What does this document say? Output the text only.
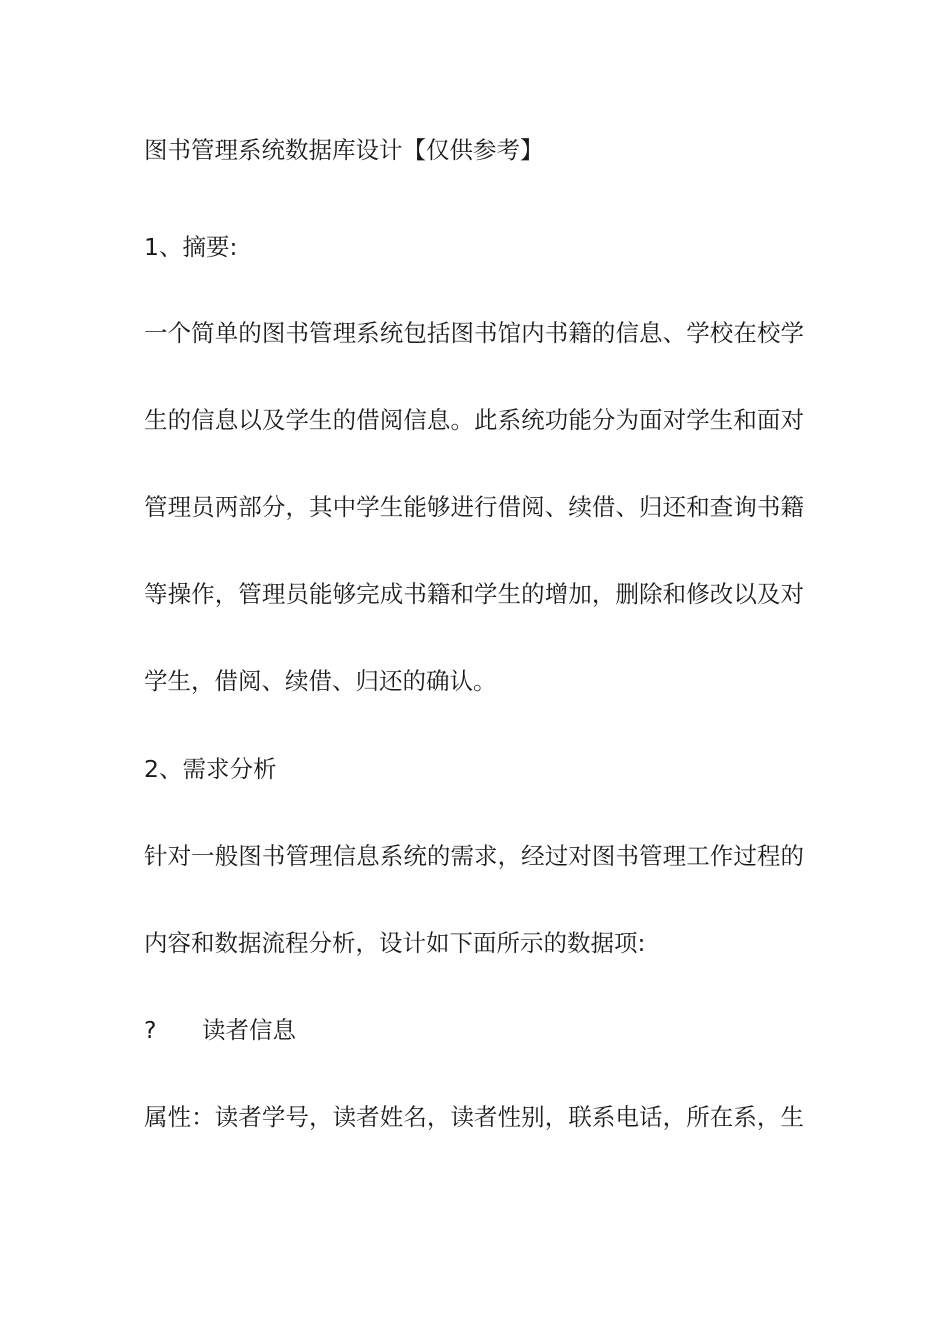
图书管理系统数据库设计【仅供参考】
1、摘要:
一个简单的图书管理系统包括图书馆内书籍的信息、学校在校学
生的信息以及学生的借阅信息。此系统功能分为面对学生和面对
管理员两部分，其中学生能够进行借阅、续借、归还和查询书籍
等操作，管理员能够完成书籍和学生的增加，删除和修改以及对
学生，借阅、续借、归还的确认。
2、需求分析
针对一般图书管理信息系统的需求，经过对图书管理工作过程的
内容和数据流程分析，设计如下面所示的数据项:
? 读者信息
属性：读者学号，读者姓名，读者性别，联系电话，所在系，生
